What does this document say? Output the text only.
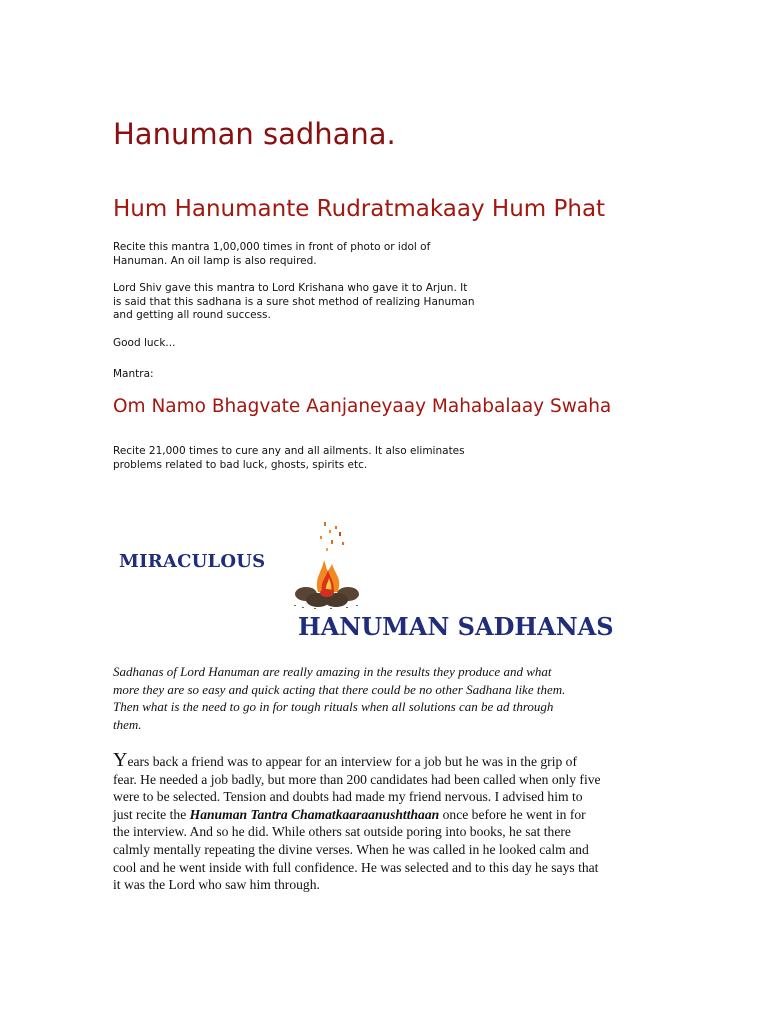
Hanuman sadhana.
Hum Hanumante Rudratmakaay Hum Phat

Recite this mantra 1,00,000 times in front of photo or idol of
Hanuman. An oil lamp is also required.

Lord Shiv gave this mantra to Lord Krishana who gave it to Arjun. It
is said that this sadhana is a sure shot method of realizing Hanuman
and getting all round success.

Good luck...

Mantra:

Om Namo Bhagvate Aanjaneyaay Mahabalaay Swaha

Recite 21,000 times to cure any and all ailments. It also eliminates
problems related to bad luck, ghosts, spirits etc.

MIRACULOUS
HANUMAN SADHANAS

Sadhanas of Lord Hanuman are really amazing in the results they produce and what
more they are so easy and quick acting that there could be no other Sadhana like them.
Then what is the need to go in for tough rituals when all solutions can be ad through
them.

Years back a friend was to appear for an interview for a job but he was in the grip of
fear. He needed a job badly, but more than 200 candidates had been called when only five
were to be selected. Tension and doubts had made my friend nervous. I advised him to
just recite the Hanuman Tantra Chamatkaaraanushtthaan once before he went in for
the interview. And so he did. While others sat outside poring into books, he sat there
calmly mentally repeating the divine verses. When he was called in he looked calm and
cool and he went inside with full confidence. He was selected and to this day he says that
it was the Lord who saw him through.
